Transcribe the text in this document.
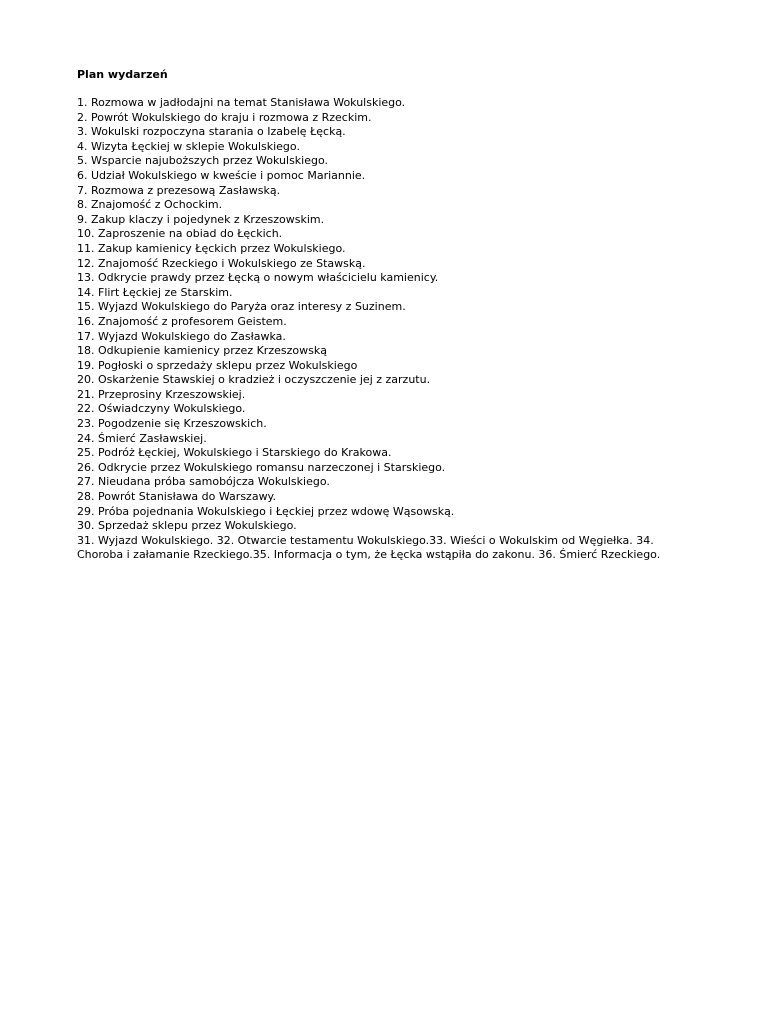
Plan wydarzeń
1. Rozmowa w jadłodajni na temat Stanisława Wokulskiego.
2. Powrót Wokulskiego do kraju i rozmowa z Rzeckim.
3. Wokulski rozpoczyna starania o Izabelę Łęcką.
4. Wizyta Łęckiej w sklepie Wokulskiego.
5. Wsparcie najuboższych przez Wokulskiego.
6. Udział Wokulskiego w kweście i pomoc Mariannie.
7. Rozmowa z prezesową Zasławską.
8. Znajomość z Ochockim.
9. Zakup klaczy i pojedynek z Krzeszowskim.
10. Zaproszenie na obiad do Łęckich.
11. Zakup kamienicy Łęckich przez Wokulskiego.
12. Znajomość Rzeckiego i Wokulskiego ze Stawską.
13. Odkrycie prawdy przez Łęcką o nowym właścicielu kamienicy.
14. Flirt Łęckiej ze Starskim.
15. Wyjazd Wokulskiego do Paryża oraz interesy z Suzinem.
16. Znajomość z profesorem Geistem.
17. Wyjazd Wokulskiego do Zasławka.
18. Odkupienie kamienicy przez Krzeszowską
19. Pogłoski o sprzedaży sklepu przez Wokulskiego
20. Oskarżenie Stawskiej o kradzież i oczyszczenie jej z zarzutu.
21. Przeprosiny Krzeszowskiej.
22. Oświadczyny Wokulskiego.
23. Pogodzenie się Krzeszowskich.
24. Śmierć Zasławskiej.
25. Podróż Łęckiej, Wokulskiego i Starskiego do Krakowa.
26. Odkrycie przez Wokulskiego romansu narzeczonej i Starskiego.
27. Nieudana próba samobójcza Wokulskiego.
28. Powrót Stanisława do Warszawy.
29. Próba pojednania Wokulskiego i Łęckiej przez wdowę Wąsowską.
30. Sprzedaż sklepu przez Wokulskiego.
31. Wyjazd Wokulskiego. 32. Otwarcie testamentu Wokulskiego.33. Wieści o Wokulskim od Węgiełka. 34. Choroba i załamanie Rzeckiego.35. Informacja o tym, że Łęcka wstąpiła do zakonu. 36. Śmierć Rzeckiego.
